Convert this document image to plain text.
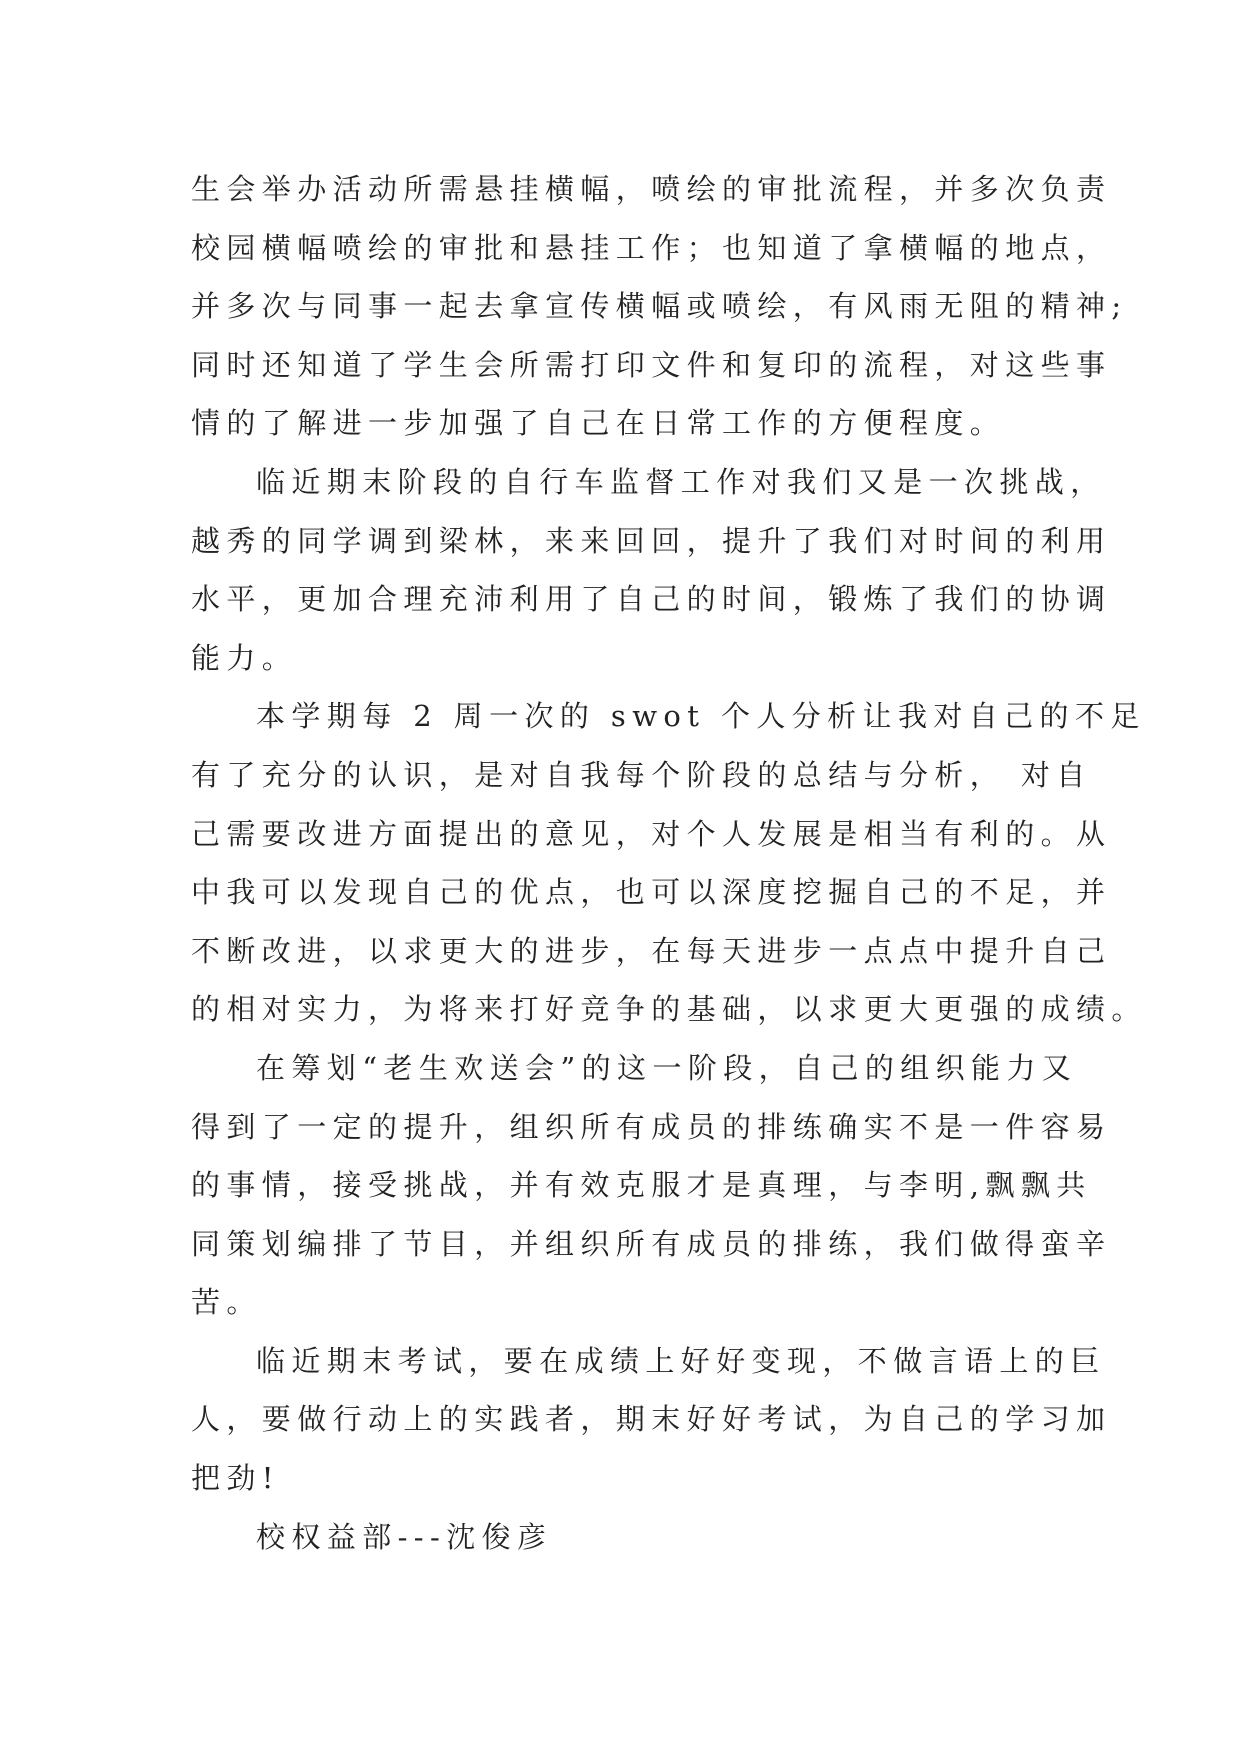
生会举办活动所需悬挂横幅，喷绘的审批流程，并多次负责
校园横幅喷绘的审批和悬挂工作；也知道了拿横幅的地点，
并多次与同事一起去拿宣传横幅或喷绘，有风雨无阻的精神;
同时还知道了学生会所需打印文件和复印的流程，对这些事
情的了解进一步加强了自己在日常工作的方便程度。

临近期末阶段的自行车监督工作对我们又是一次挑战，
越秀的同学调到梁林，来来回回，提升了我们对时间的利用
水平，更加合理充沛利用了自己的时间，锻炼了我们的协调
能力。

本学期每 2 周一次的 swot 个人分析让我对自己的不足
有了充分的认识，是对自我每个阶段的总结与分析， 对自
己需要改进方面提出的意见，对个人发展是相当有利的。从
中我可以发现自己的优点，也可以深度挖掘自己的不足，并
不断改进，以求更大的进步，在每天进步一点点中提升自己
的相对实力，为将来打好竞争的基础，以求更大更强的成绩。

在筹划“老生欢送会”的这一阶段，自己的组织能力又
得到了一定的提升，组织所有成员的排练确实不是一件容易
的事情，接受挑战，并有效克服才是真理，与李明,飘飘共
同策划编排了节目，并组织所有成员的排练，我们做得蛮辛
苦。

临近期末考试，要在成绩上好好变现，不做言语上的巨
人，要做行动上的实践者，期末好好考试，为自己的学习加
把劲!

校权益部---沈俊彦
